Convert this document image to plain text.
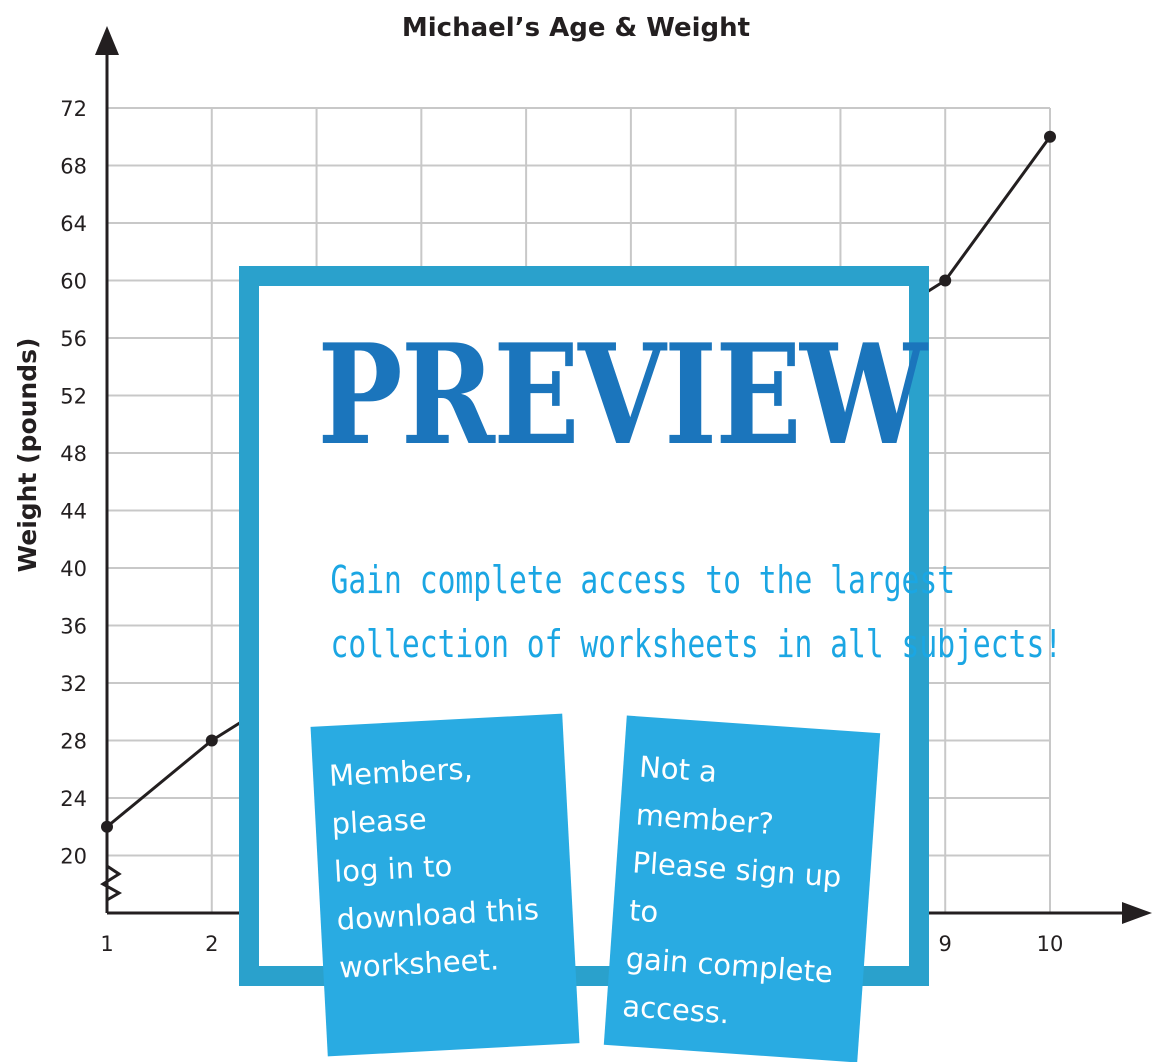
Michael’s Age & Weight
Weight (pounds)
20
24
28
32
36
40
44
48
52
56
60
64
68
72
1	2	9	10
PREVIEW
Gain complete access to the largest
collection of worksheets in all subjects!
Members, please
log in to
download this
worksheet.
Not a member?
Please sign up to
gain complete
access.
